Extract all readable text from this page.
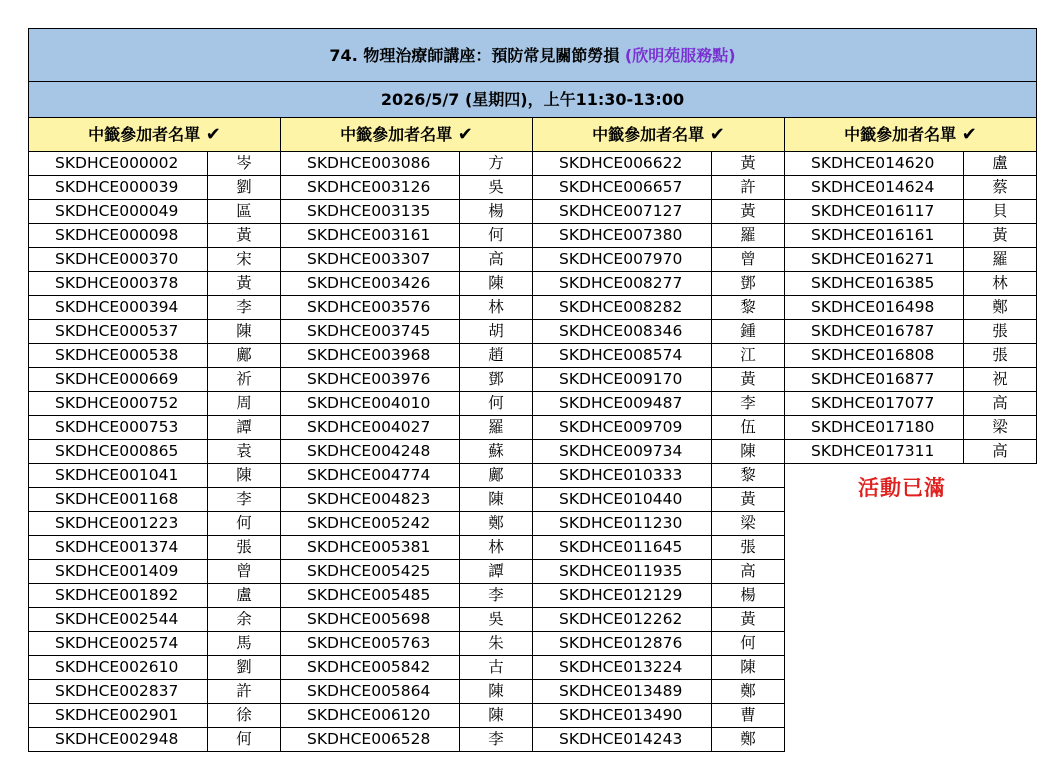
74. 物理治療師講座：預防常見關節勞損 (欣明苑服務點)							
2026/5/7 (星期四)，上午11:30-13:00							
中籤參加者名單 ✔		中籤參加者名單 ✔		中籤參加者名單 ✔		中籤參加者名單 ✔	
SKDHCE000002	岑	SKDHCE003086	方	SKDHCE006622	黃	SKDHCE014620	盧
SKDHCE000039	劉	SKDHCE003126	吳	SKDHCE006657	許	SKDHCE014624	蔡
SKDHCE000049	區	SKDHCE003135	楊	SKDHCE007127	黃	SKDHCE016117	貝
SKDHCE000098	黃	SKDHCE003161	何	SKDHCE007380	羅	SKDHCE016161	黃
SKDHCE000370	宋	SKDHCE003307	高	SKDHCE007970	曾	SKDHCE016271	羅
SKDHCE000378	黃	SKDHCE003426	陳	SKDHCE008277	鄧	SKDHCE016385	林
SKDHCE000394	李	SKDHCE003576	林	SKDHCE008282	黎	SKDHCE016498	鄭
SKDHCE000537	陳	SKDHCE003745	胡	SKDHCE008346	鍾	SKDHCE016787	張
SKDHCE000538	鄺	SKDHCE003968	趙	SKDHCE008574	江	SKDHCE016808	張
SKDHCE000669	祈	SKDHCE003976	鄧	SKDHCE009170	黃	SKDHCE016877	祝
SKDHCE000752	周	SKDHCE004010	何	SKDHCE009487	李	SKDHCE017077	高
SKDHCE000753	譚	SKDHCE004027	羅	SKDHCE009709	伍	SKDHCE017180	梁
SKDHCE000865	袁	SKDHCE004248	蘇	SKDHCE009734	陳	SKDHCE017311	高
SKDHCE001041	陳	SKDHCE004774	鄺	SKDHCE010333	黎		
SKDHCE001168	李	SKDHCE004823	陳	SKDHCE010440	黃		
SKDHCE001223	何	SKDHCE005242	鄭	SKDHCE011230	梁		
SKDHCE001374	張	SKDHCE005381	林	SKDHCE011645	張		
SKDHCE001409	曾	SKDHCE005425	譚	SKDHCE011935	高		
SKDHCE001892	盧	SKDHCE005485	李	SKDHCE012129	楊		
SKDHCE002544	余	SKDHCE005698	吳	SKDHCE012262	黃		
SKDHCE002574	馬	SKDHCE005763	朱	SKDHCE012876	何		
SKDHCE002610	劉	SKDHCE005842	古	SKDHCE013224	陳		
SKDHCE002837	許	SKDHCE005864	陳	SKDHCE013489	鄭		
SKDHCE002901	徐	SKDHCE006120	陳	SKDHCE013490	曹		
SKDHCE002948	何	SKDHCE006528	李	SKDHCE014243	鄭		
活動已滿
